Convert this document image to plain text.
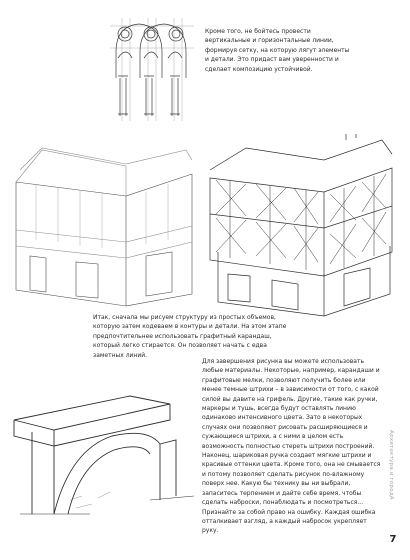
Кроме того, не бойтесь провести вертикальные и горизонтальные линии, формируя сетку, на которую лягут элементы и детали. Это придаст вам уверенности и сделает композицию устойчивой.

Итак, сначала мы рисуем структуру из простых объемов, которую затем кодеваем в контуры и детали. На этом этапе предпочтительнее использовать графитный карандаш, который легко стирается. Он позволяет начать с едва заметных линий.

Для завершения рисунка вы можете использовать любые материалы. Некоторые, например, карандаши и графитовые мелки, позволяют получить более или менее темные штрихи – в зависимости от того, с какой силой вы давите на грифель. Другие, такие как ручки, маркеры и тушь, всегда будут оставлять линию одинаково интенсивного цвета. Зато в некоторых случаях они позволяют рисовать расширяющиеся и сужающиеся штрихи, а с ними в целом есть возможность полностью стереть штрихи построений. Наконец, шариковая ручка создает мягкие штрихи и красивые оттенки цвета. Кроме того, она не смывается и потому позволяет сделать рисунок по-влажному поверх нее. Какую бы технику вы ни выбрали, запаситесь терпением и дайте себе время, чтобы сделать наброски, понаблюдать и посмотреться... Признайте за собой право на ошибку. Каждая ошибка отталкивает взгляд, а каждый набросок укрепляет руку.

Архитектура и городА
7
